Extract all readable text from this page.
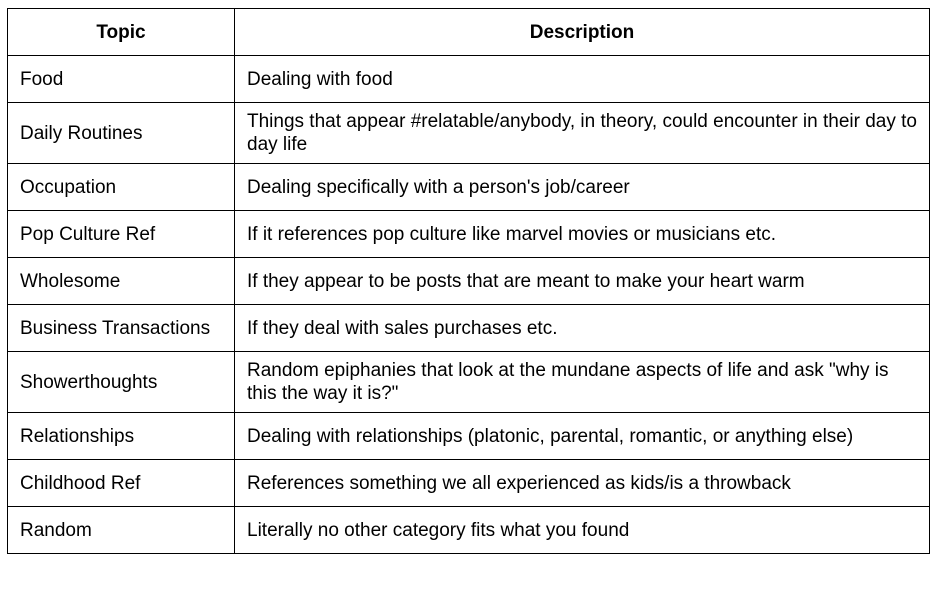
Topic	Description
Food	Dealing with food
Daily Routines	Things that appear #relatable/anybody, in theory, could encounter in their day to day life
Occupation	Dealing specifically with a person's job/career
Pop Culture Ref	If it references pop culture like marvel movies or musicians etc.
Wholesome	If they appear to be posts that are meant to make your heart warm
Business Transactions	If they deal with sales purchases etc.
Showerthoughts	Random epiphanies that look at the mundane aspects of life and ask "why is this the way it is?"
Relationships	Dealing with relationships (platonic, parental, romantic, or anything else)
Childhood Ref	References something we all experienced as kids/is a throwback
Random	Literally no other category fits what you found
